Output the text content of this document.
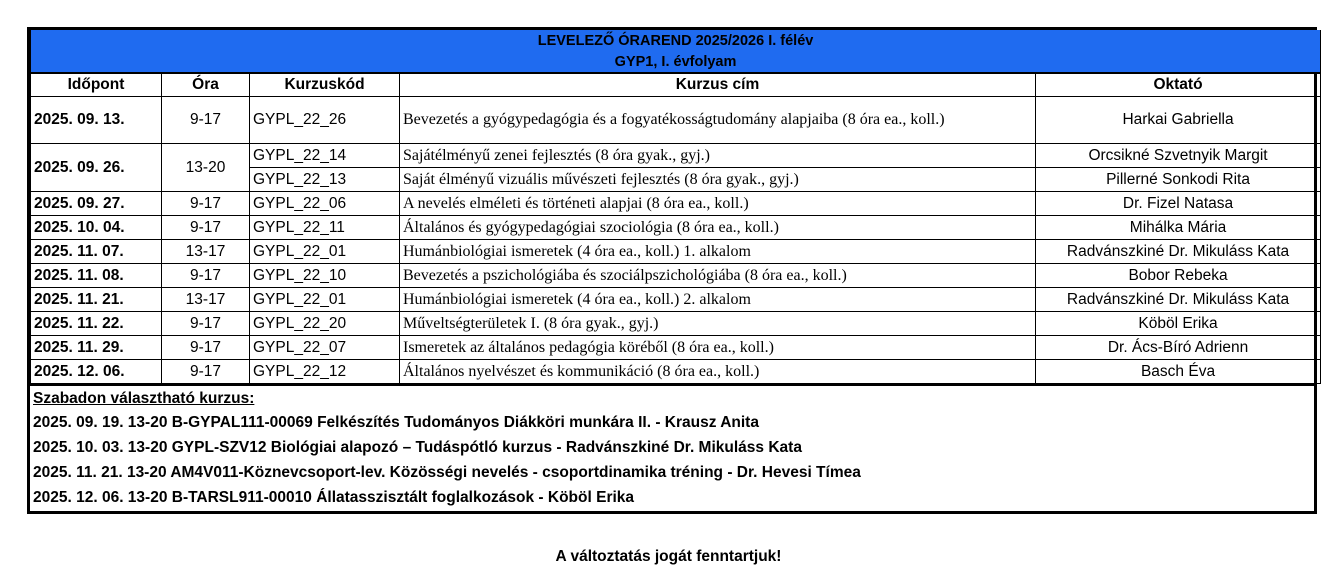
LEVELEZŐ ÓRAREND 2025/2026 I. félév				
GYP1, I. évfolyam				
Időpont	Óra	Kurzuskód	Kurzus cím	Oktató
2025. 09. 13.	9-17	GYPL_22_26	Bevezetés a gyógypedagógia és a fogyatékosságtudomány alapjaiba (8 óra ea., koll.)	Harkai Gabriella
2025. 09. 26.	13-20	GYPL_22_14	Sajátélményű zenei fejlesztés (8 óra gyak., gyj.)	Orcsikné Szvetnyik Margit
		GYPL_22_13	Saját élményű vizuális művészeti fejlesztés (8 óra gyak., gyj.)	Pillerné Sonkodi Rita
2025. 09. 27.	9-17	GYPL_22_06	A nevelés elméleti és történeti alapjai (8 óra ea., koll.)	Dr. Fizel Natasa
2025. 10. 04.	9-17	GYPL_22_11	Általános és gyógypedagógiai szociológia (8 óra ea., koll.)	Mihálka Mária
2025. 11. 07.	13-17	GYPL_22_01	Humánbiológiai ismeretek (4 óra ea., koll.) 1. alkalom	Radvánszkiné Dr. Mikuláss Kata
2025. 11. 08.	9-17	GYPL_22_10	Bevezetés a pszichológiába és szociálpszichológiába (8 óra ea., koll.)	Bobor Rebeka
2025. 11. 21.	13-17	GYPL_22_01	Humánbiológiai ismeretek (4 óra ea., koll.) 2. alkalom	Radvánszkiné Dr. Mikuláss Kata
2025. 11. 22.	9-17	GYPL_22_20	Műveltségterületek I. (8 óra gyak., gyj.)	Köböl Erika
2025. 11. 29.	9-17	GYPL_22_07	Ismeretek az általános pedagógia köréből (8 óra ea., koll.)	Dr. Ács-Bíró Adrienn
2025. 12. 06.	9-17	GYPL_22_12	Általános nyelvészet és kommunikáció (8 óra ea., koll.)	Basch Éva
Szabadon választható kurzus:
2025. 09. 19. 13-20 B-GYPAL111-00069 Felkészítés Tudományos Diákköri munkára II. - Krausz Anita
2025. 10. 03. 13-20 GYPL-SZV12 Biológiai alapozó – Tudáspótló kurzus - Radvánszkiné Dr. Mikuláss Kata
2025. 11. 21. 13-20 AM4V011-Köznevcsoport-lev. Közösségi nevelés - csoportdinamika tréning - Dr. Hevesi Tímea
2025. 12. 06. 13-20 B-TARSL911-00010 Állatasszisztált foglalkozások - Köböl Erika
A változtatás jogát fenntartjuk!
